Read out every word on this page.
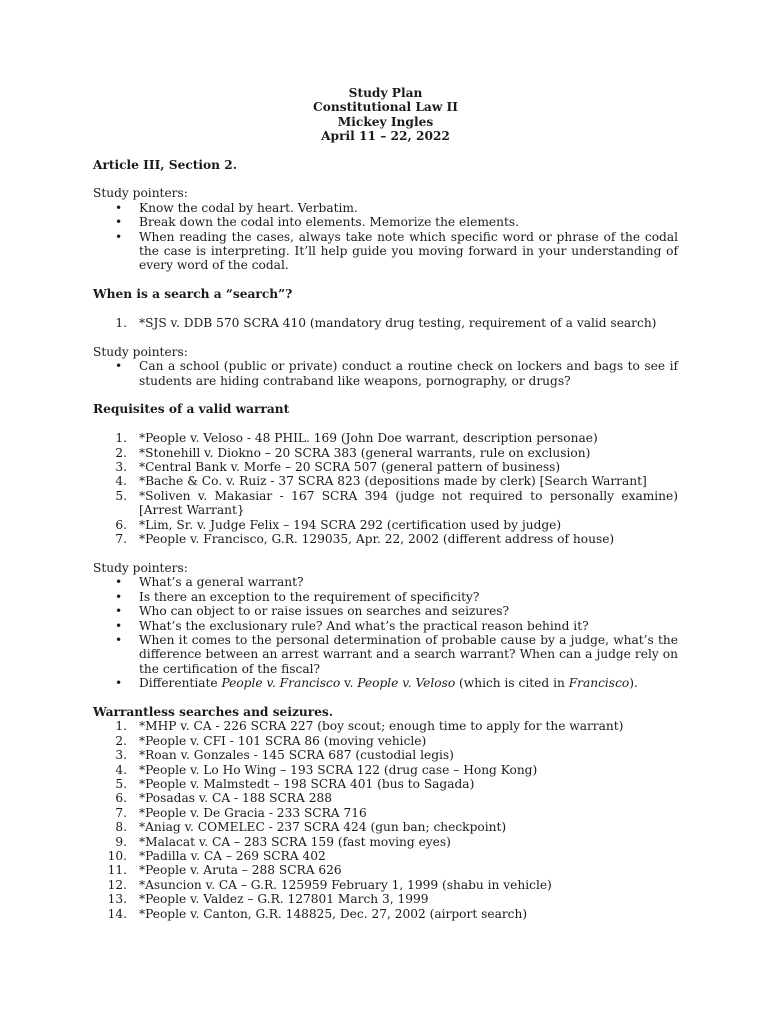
Study Plan
Constitutional Law II
Mickey Ingles
April 11 – 22, 2022

Article III, Section 2.

Study pointers:

• Know the codal by heart. Verbatim.
• Break down the codal into elements. Memorize the elements.
• When reading the cases, always take note which specific word or phrase of the codal the case is interpreting. It’ll help guide you moving forward in your understanding of every word of the codal.

When is a search a “search”?

1. *SJS v. DDB 570 SCRA 410 (mandatory drug testing, requirement of a valid search)

Study pointers:

• Can a school (public or private) conduct a routine check on lockers and bags to see if students are hiding contraband like weapons, pornography, or drugs?

Requisites of a valid warrant

1. *People v. Veloso - 48 PHIL. 169 (John Doe warrant, description personae)
2. *Stonehill v. Diokno – 20 SCRA 383 (general warrants, rule on exclusion)
3. *Central Bank v. Morfe – 20 SCRA 507 (general pattern of business)
4. *Bache & Co. v. Ruiz - 37 SCRA 823 (depositions made by clerk) [Search Warrant]
5. *Soliven v. Makasiar - 167 SCRA 394 (judge not required to personally examine) [Arrest Warrant}
6. *Lim, Sr. v. Judge Felix – 194 SCRA 292 (certification used by judge)
7. *People v. Francisco, G.R. 129035, Apr. 22, 2002 (different address of house)

Study pointers:

• What’s a general warrant?
• Is there an exception to the requirement of specificity?
• Who can object to or raise issues on searches and seizures?
• What’s the exclusionary rule? And what’s the practical reason behind it?
• When it comes to the personal determination of probable cause by a judge, what’s the difference between an arrest warrant and a search warrant? When can a judge rely on the certification of the fiscal?
• Differentiate People v. Francisco v. People v. Veloso (which is cited in Francisco).

Warrantless searches and seizures.

1. *MHP v. CA - 226 SCRA 227 (boy scout; enough time to apply for the warrant)
2. *People v. CFI - 101 SCRA 86 (moving vehicle)
3. *Roan v. Gonzales - 145 SCRA 687 (custodial legis)
4. *People v. Lo Ho Wing – 193 SCRA 122 (drug case – Hong Kong)
5. *People v. Malmstedt – 198 SCRA 401 (bus to Sagada)
6. *Posadas v. CA - 188 SCRA 288
7. *People v. De Gracia - 233 SCRA 716
8. *Aniag v. COMELEC - 237 SCRA 424 (gun ban; checkpoint)
9. *Malacat v. CA – 283 SCRA 159 (fast moving eyes)
10. *Padilla v. CA – 269 SCRA 402
11. *People v. Aruta – 288 SCRA 626
12. *Asuncion v. CA – G.R. 125959 February 1, 1999 (shabu in vehicle)
13. *People v. Valdez – G.R. 127801 March 3, 1999
14. *People v. Canton, G.R. 148825, Dec. 27, 2002 (airport search)
